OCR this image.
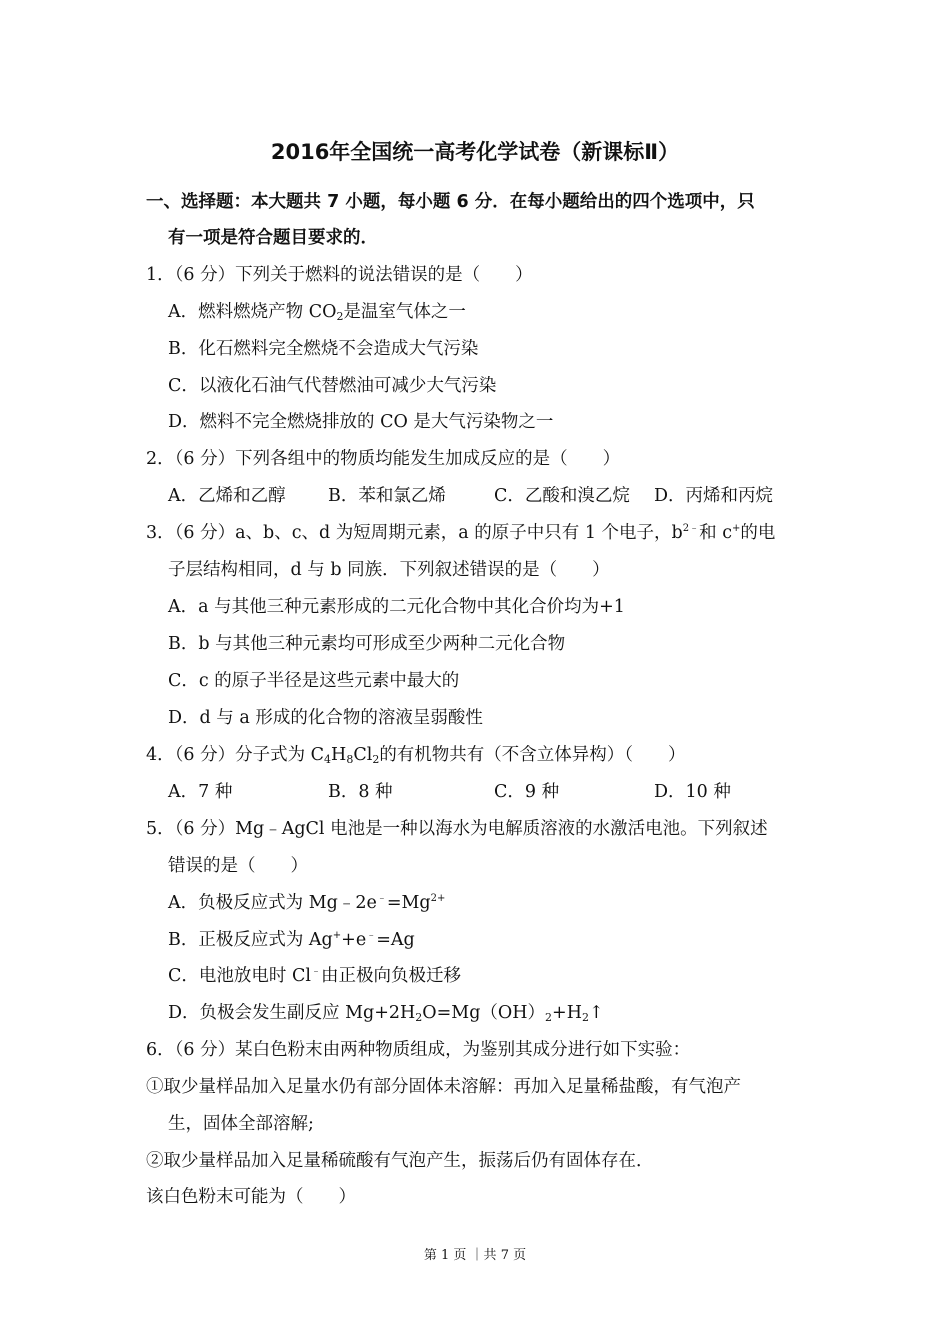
2016年全国统一高考化学试卷（新课标Ⅱ）
一、选择题：本大题共 7 小题，每小题 6 分．在每小题给出的四个选项中，只
有一项是符合题目要求的．
1．（6 分）下列关于燃料的说法错误的是（　　）
A．燃料燃烧产物 $CO_2$是温室气体之一
B．化石燃料完全燃烧不会造成大气污染
C．以液化石油气代替燃油可减少大气污染
D．燃料不完全燃烧排放的 CO 是大气污染物之一
2．（6 分）下列各组中的物质均能发生加成反应的是（　　）
A．乙烯和乙醇 B．苯和氯乙烯	C．乙酸和溴乙烷 D．丙烯和丙烷
3．（6 分）a、b、c、d 为短周期元素，a 的原子中只有 1 个电子，$b^{2﹣}$和 c+的电
子层结构相同，d 与 b 同族．下列叙述错误的是（　　）
A．a 与其他三种元素形成的二元化合物中其化合价均为+1
B．b 与其他三种元素均可形成至少两种二元化合物
C．c 的原子半径是这些元素中最大的
D．d 与 a 形成的化合物的溶液呈弱酸性
4．（6 分）分子式为 $C_4H_8Cl_2$的有机物共有（不含立体异构）（　　）
A．7 种	B．8 种	C．9 种	D．10 种
5．（6 分）Mg﹣AgCl 电池是一种以海水为电解质溶液的水激活电池。下列叙述
错误的是（　　）
A．负极反应式为 $Mg﹣2e^﹣=Mg^{2+}$
B．正极反应式为 Ag++e﹣=Ag
C．电池放电时 Cl﹣由正极向负极迁移
D．负极会发生副反应 $Mg+2H_2O=Mg(OH)_2+H_2↑$
6．（6 分）某白色粉末由两种物质组成，为鉴别其成分进行如下实验：
①取少量样品加入足量水仍有部分固体未溶解：再加入足量稀盐酸，有气泡产
生，固体全部溶解;
②取少量样品加入足量稀硫酸有气泡产生，振荡后仍有固体存在．
该白色粉末可能为（　　）
第 1 页 ｜共 7 页
